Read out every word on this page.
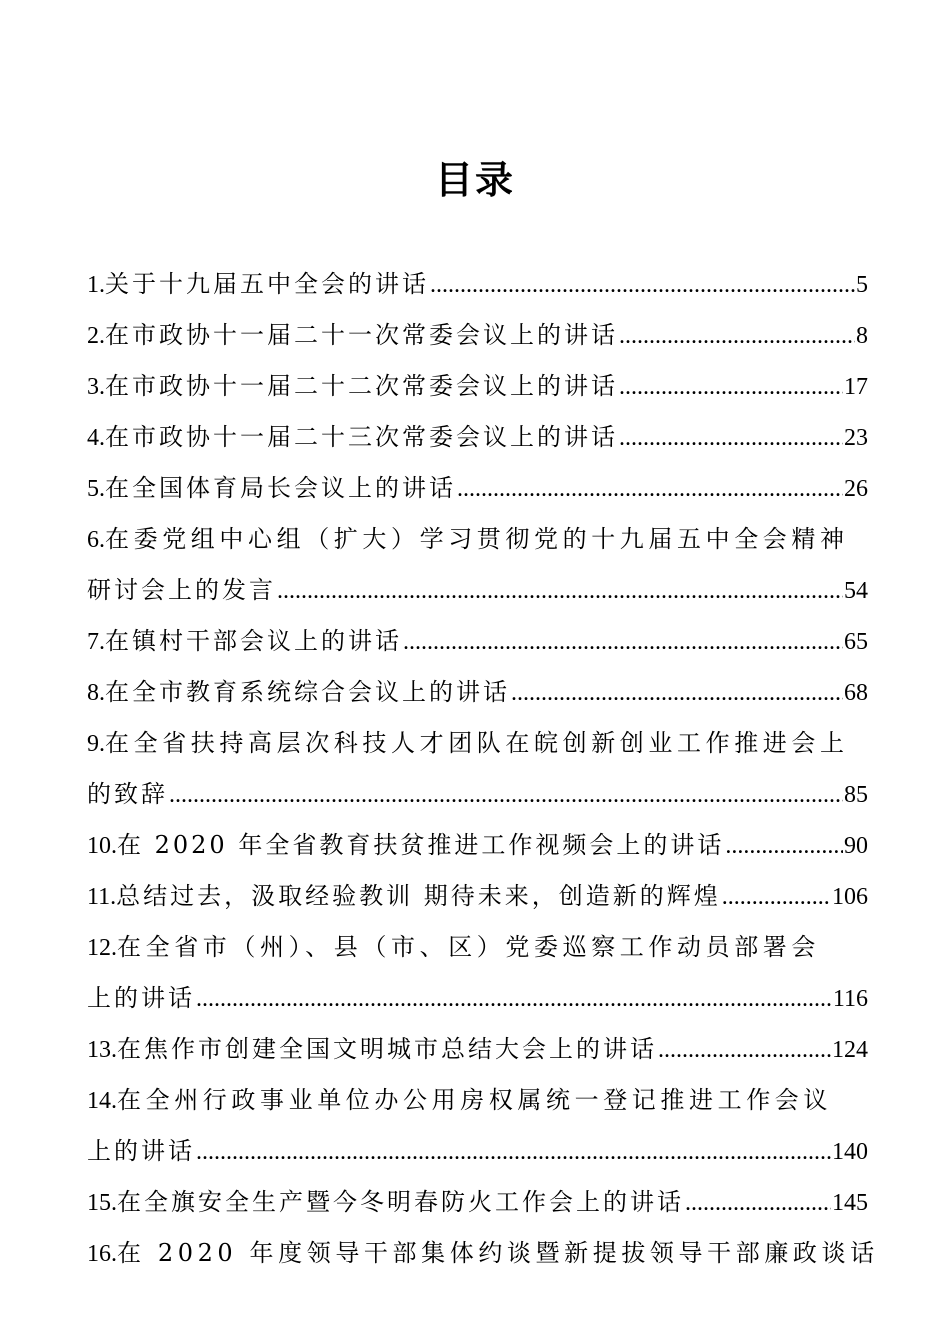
目录
1. 关于十九届五中全会的讲话 .....	5
2. 在市政协十一届二十一次常委会议上的讲话 .....	8
3. 在市政协十一届二十二次常委会议上的讲话 .....	17
4. 在市政协十一届二十三次常委会议上的讲话 .....	23
5. 在全国体育局长会议上的讲话 .....	26
6. 在委党组中心组（扩大）学习贯彻党的十九届五中全会精神
研讨会上的发言 .....	54
7. 在镇村干部会议上的讲话 .....	65
8. 在全市教育系统综合会议上的讲话 .....	68
9. 在全省扶持高层次科技人才团队在皖创新创业工作推进会上
的致辞 .....	85
10. 在 2020 年全省教育扶贫推进工作视频会上的讲话 .....	90
11. 总结过去，汲取经验教训 期待未来，创造新的辉煌 .....	106
12. 在全省市（州）、县（市、区）党委巡察工作动员部署会
上的讲话 .....	116
13. 在焦作市创建全国文明城市总结大会上的讲话 .....	124
14. 在全州行政事业单位办公用房权属统一登记推进工作会议
上的讲话 .....	140
15. 在全旗安全生产暨今冬明春防火工作会上的讲话 .....	145
16. 在 2020 年度领导干部集体约谈暨新提拔领导干部廉政谈话
